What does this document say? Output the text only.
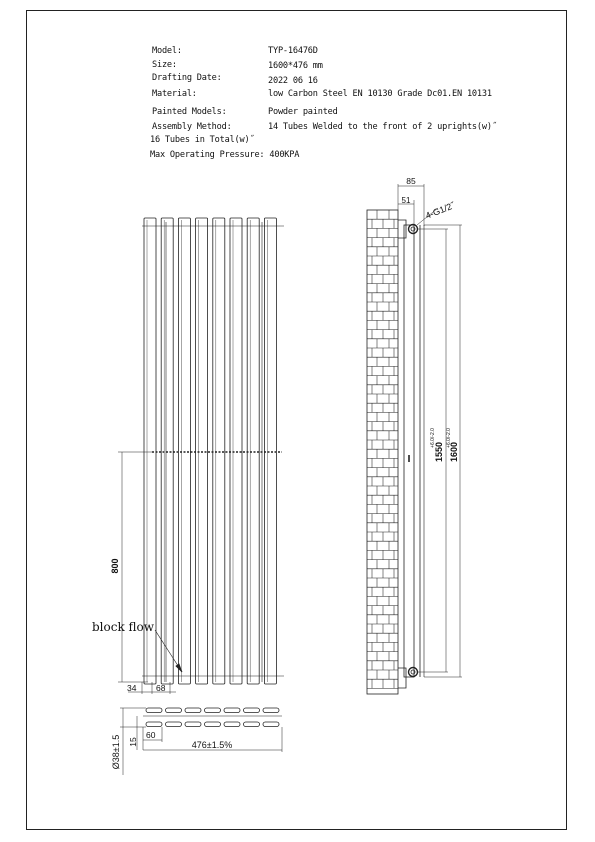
Model:	TYP-16476D
Size:	1600*476 mm
Drafting Date:	2022 06 16
Material:	low Carbon Steel EN 10130 Grade Dc01.EN 10131
Painted Models:	Powder painted
Assembly Method:	14 Tubes Welded to the front of 2 uprights(w)˝
16 Tubes in Total(w)˝
Max Operating Pressure: 400KPA
800
block flow
34 68
Ø38±1.5 15
60
476±1.5%
85
51 4-G1/2˝
1550
+6.0/-2.0
1600
+6.0/-2.0
